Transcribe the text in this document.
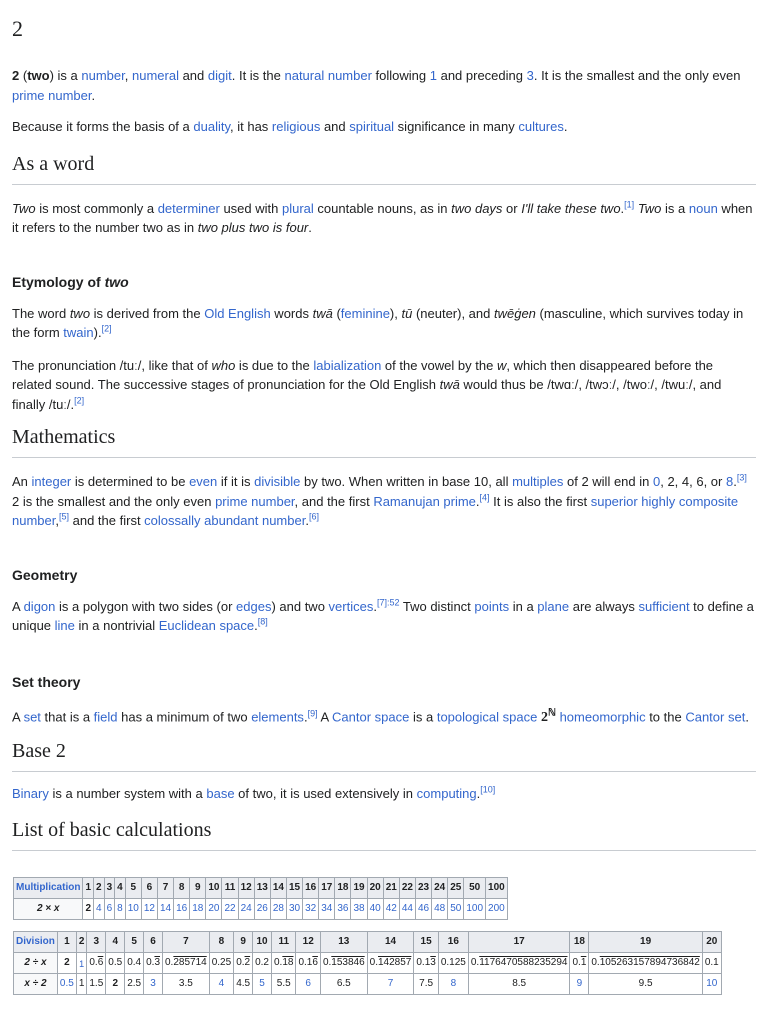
2

2 (two) is a number, numeral and digit. It is the natural number following 1 and preceding 3. It is the smallest and the only even prime number.

Because it forms the basis of a duality, it has religious and spiritual significance in many cultures.

As a word

Two is most commonly a determiner used with plural countable nouns, as in two days or I'll take these two.[1] Two is a noun when it refers to the number two as in two plus two is four.

Etymology of two

The word two is derived from the Old English words twā (feminine), tū (neuter), and twēġen (masculine, which survives today in the form twain).[2]

The pronunciation /tuː/, like that of who is due to the labialization of the vowel by the w, which then disappeared before the related sound. The successive stages of pronunciation for the Old English twā would thus be /twɑː/, /twɔː/, /twoː/, /twuː/, and finally /tuː/.[2]

Mathematics

An integer is determined to be even if it is divisible by two. When written in base 10, all multiples of 2 will end in 0, 2, 4, 6, or 8.[3] 2 is the smallest and the only even prime number, and the first Ramanujan prime.[4] It is also the first superior highly composite number,[5] and the first colossally abundant number.[6]

Geometry

A digon is a polygon with two sides (or edges) and two vertices.$^{[7]:52}$ Two distinct points in a plane are always sufficient to define a unique line in a nontrivial Euclidean space.[8]

Set theory

A set that is a field has a minimum of two elements.[9] A Cantor space is a topological space $2^ℕ$ homeomorphic to the Cantor set.

Base 2

Binary is a number system with a base of two, it is used extensively in computing.[10]

List of basic calculations
Multiplication	1	2	3	4	5	6	7	8	9	10	11	12	13	14	15	16	17	18	19	20	21	22	23	24	25	50	100
2 × x	2	4	6	8	10	12	14	16	18	20	22	24	26	28	30	32	34	36	38	40	42	44	46	48	50	100	200
Division	1	2	3	4	5	6	7	8	9	10	11	12	13	14	15	16	17	18	19	20
2 ÷ x	2	1	0.6	0.5	0.4	0.3	0.285714	0.25	0.2	0.2	0.18	0.16	0.153846	0.142857	0.13	0.125	0.1176470588235294	0.1	0.105263157894736842	0.1
x ÷ 2	0.5	1	1.5	2	2.5	3	3.5	4	4.5	5	5.5	6	6.5	7	7.5	8	8.5	9	9.5	10
